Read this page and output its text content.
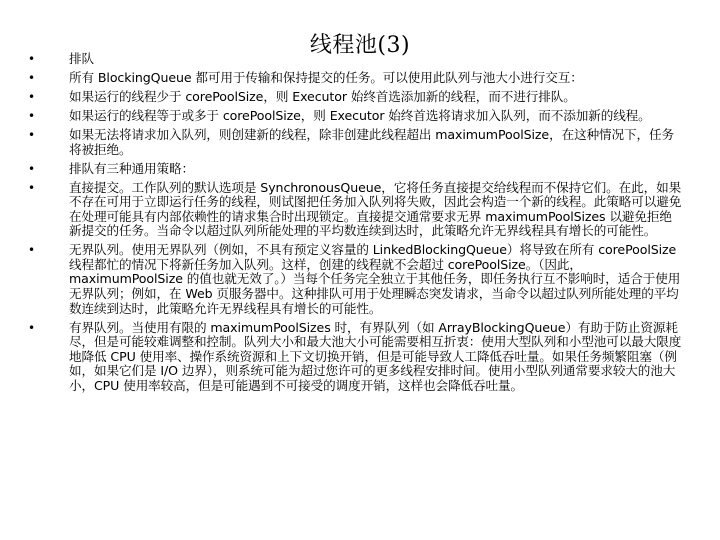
线程池(3)
•	排队
•	所有 BlockingQueue 都可用于传输和保持提交的任务。可以使用此队列与池大小进行交互：
•	如果运行的线程少于 corePoolSize，则 Executor 始终首选添加新的线程，而不进行排队。
•	如果运行的线程等于或多于 corePoolSize，则 Executor 始终首选将请求加入队列，而不添加新的线程。
•	如果无法将请求加入队列，则创建新的线程，除非创建此线程超出 maximumPoolSize，在这种情况下，任务将被拒绝。
•	排队有三种通用策略：
•	直接提交。工作队列的默认选项是 SynchronousQueue，它将任务直接提交给线程而不保持它们。在此，如果不存在可用于立即运行任务的线程，则试图把任务加入队列将失败，因此会构造一个新的线程。此策略可以避免在处理可能具有内部依赖性的请求集合时出现锁定。直接提交通常要求无界 maximumPoolSizes 以避免拒绝新提交的任务。当命令以超过队列所能处理的平均数连续到达时，此策略允许无界线程具有增长的可能性。
•	无界队列。使用无界队列（例如，不具有预定义容量的 LinkedBlockingQueue）将导致在所有 corePoolSize 线程都忙的情况下将新任务加入队列。这样，创建的线程就不会超过 corePoolSize。（因此，maximumPoolSize 的值也就无效了。）当每个任务完全独立于其他任务，即任务执行互不影响时，适合于使用无界队列；例如，在 Web 页服务器中。这种排队可用于处理瞬态突发请求，当命令以超过队列所能处理的平均数连续到达时，此策略允许无界线程具有增长的可能性。
•	有界队列。当使用有限的 maximumPoolSizes 时，有界队列（如 ArrayBlockingQueue）有助于防止资源耗尽，但是可能较难调整和控制。队列大小和最大池大小可能需要相互折衷：使用大型队列和小型池可以最大限度地降低 CPU 使用率、操作系统资源和上下文切换开销，但是可能导致人工降低吞吐量。如果任务频繁阻塞（例如，如果它们是 I/O 边界），则系统可能为超过您许可的更多线程安排时间。使用小型队列通常要求较大的池大小，CPU 使用率较高，但是可能遇到不可接受的调度开销，这样也会降低吞吐量。
